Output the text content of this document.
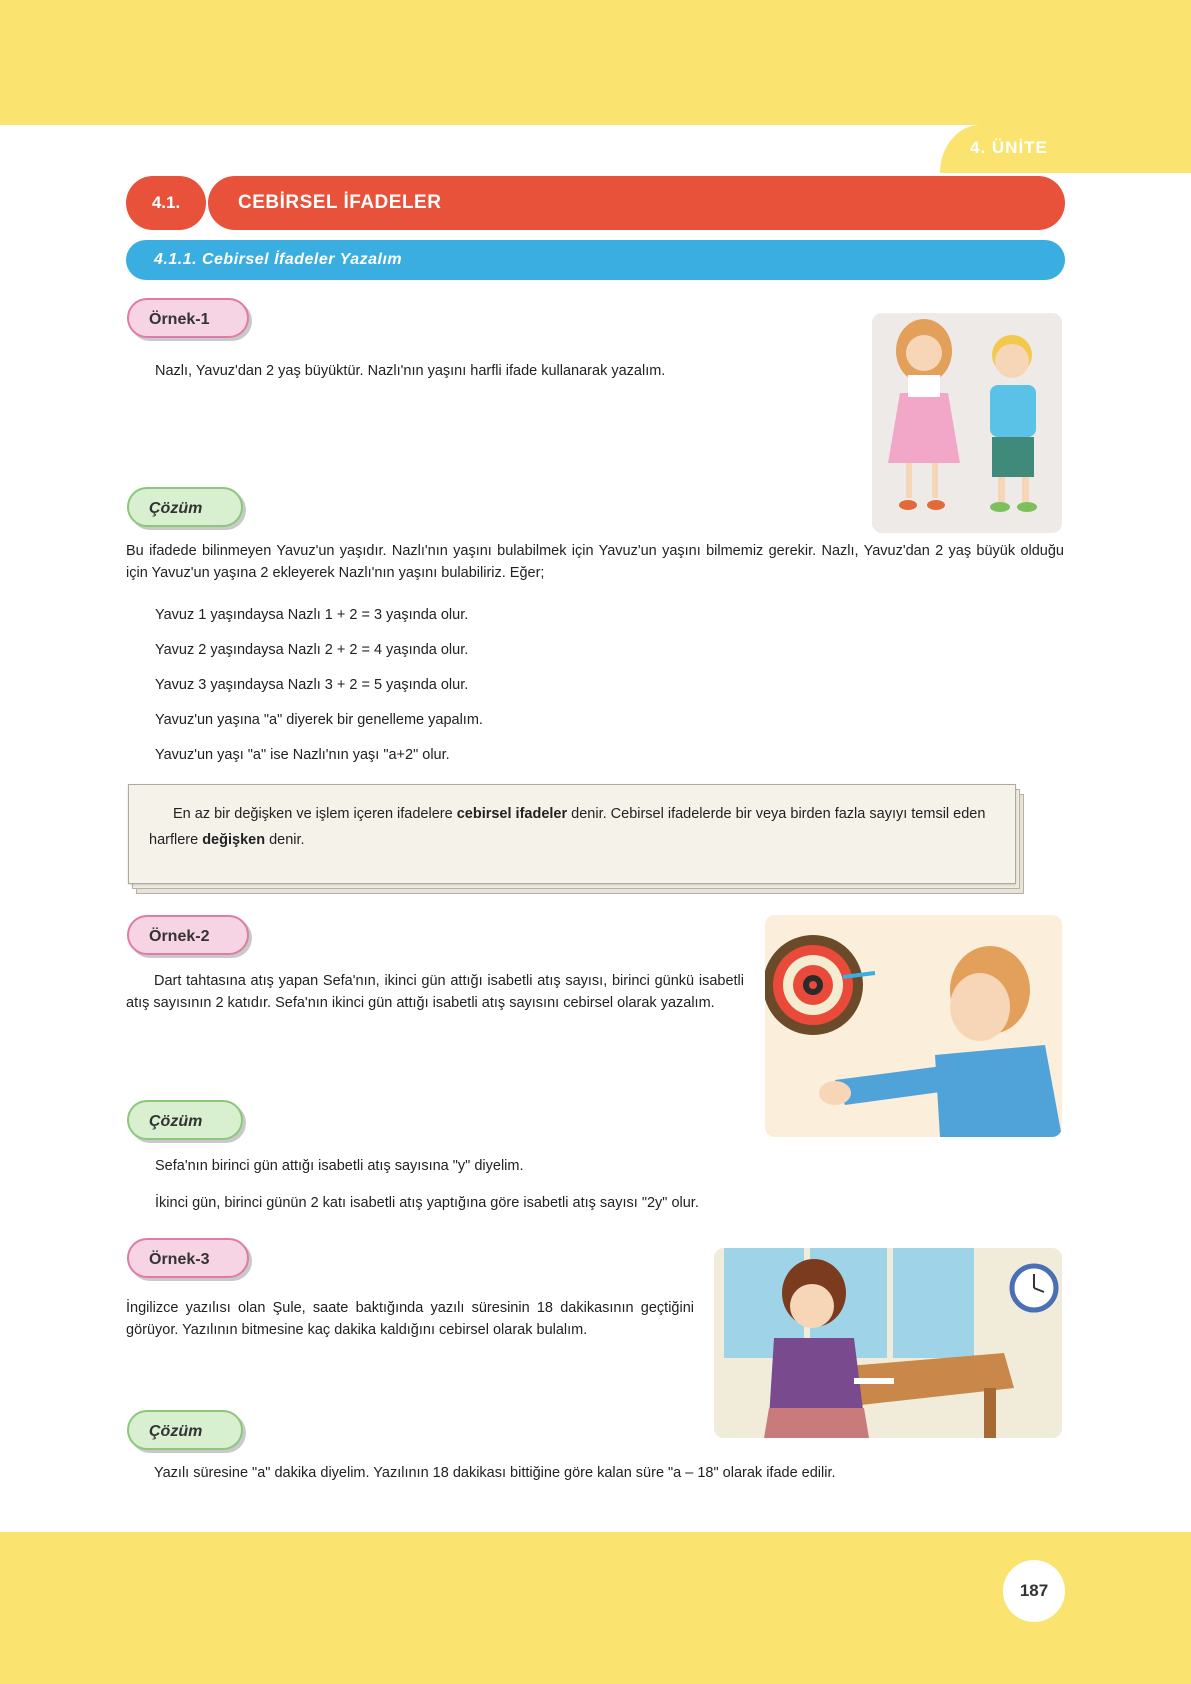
4. ÜNİTE
CEBİRSEL İFADELER
4.1.
4.1.1. Cebirsel İfadeler Yazalım
Örnek-1
Nazlı, Yavuz'dan 2 yaş büyüktür. Nazlı'nın yaşını harfli ifade kullanarak yazalım.
Çözüm
Bu ifadede bilinmeyen Yavuz'un yaşıdır. Nazlı'nın yaşını bulabilmek için Yavuz'un yaşını bilmemiz gerekir. Nazlı, Yavuz'dan 2 yaş büyük olduğu için Yavuz'un yaşına 2 ekleyerek Nazlı'nın yaşını bulabiliriz. Eğer;
Yavuz 1 yaşındaysa Nazlı 1 + 2 = 3 yaşında olur.
Yavuz 2 yaşındaysa Nazlı 2 + 2 = 4 yaşında olur.
Yavuz 3 yaşındaysa Nazlı 3 + 2 = 5 yaşında olur.
Yavuz'un yaşına "a" diyerek bir genelleme yapalım.
Yavuz'un yaşı "a" ise Nazlı'nın yaşı "a+2" olur.
En az bir değişken ve işlem içeren ifadelere cebirsel ifadeler denir. Cebirsel ifadelerde bir veya birden fazla sayıyı temsil eden harflere değişken denir.
Örnek-2
Dart tahtasına atış yapan Sefa'nın, ikinci gün attığı isabetli atış sayısı, birinci günkü isabetli atış sayısının 2 katıdır. Sefa'nın ikinci gün attığı isabetli atış sayısını cebirsel olarak yazalım.
Çözüm
Sefa'nın birinci gün attığı isabetli atış sayısına "y" diyelim.
İkinci gün, birinci günün 2 katı isabetli atış yaptığına göre isabetli atış sayısı "2y" olur.
Örnek-3
İngilizce yazılısı olan Şule, saate baktığında yazılı süresinin 18 dakikasının geçtiğini görüyor. Yazılının bitmesine kaç dakika kaldığını cebirsel olarak bulalım.
Çözüm
Yazılı süresine "a" dakika diyelim. Yazılının 18 dakikası bittiğine göre kalan süre "a – 18" olarak ifade edilir.
187
